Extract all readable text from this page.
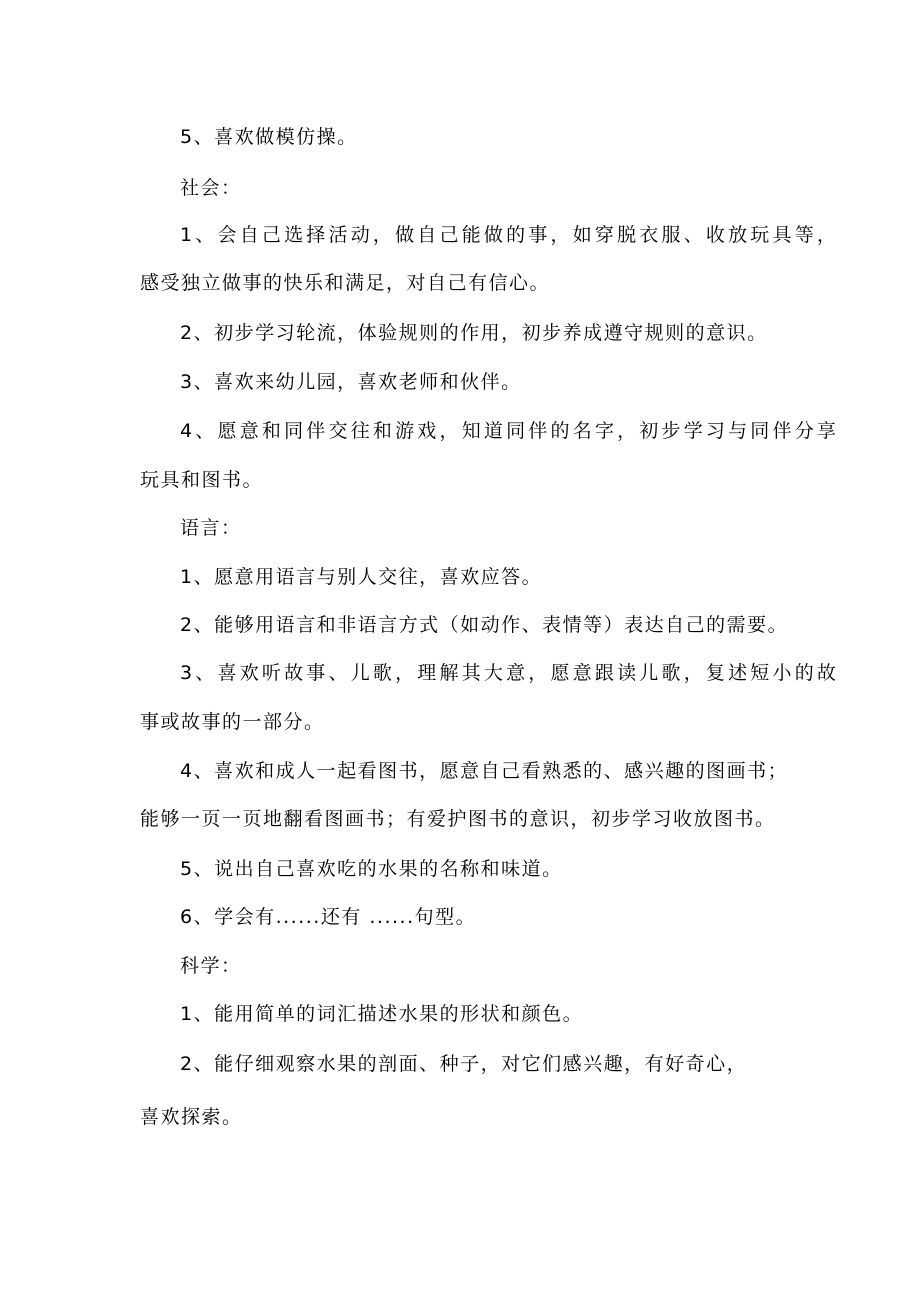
5、喜欢做模仿操。

社会：

1、会自己选择活动，做自己能做的事，如穿脱衣服、收放玩具等，

感受独立做事的快乐和满足，对自己有信心。

2、初步学习轮流，体验规则的作用，初步养成遵守规则的意识。

3、喜欢来幼儿园，喜欢老师和伙伴。

4、愿意和同伴交往和游戏，知道同伴的名字，初步学习与同伴分享

玩具和图书。

语言：

1、愿意用语言与别人交往，喜欢应答。

2、能够用语言和非语言方式（如动作、表情等）表达自己的需要。

3、喜欢听故事、儿歌，理解其大意，愿意跟读儿歌，复述短小的故

事或故事的一部分。

4、喜欢和成人一起看图书，愿意自己看熟悉的、感兴趣的图画书；

能够一页一页地翻看图画书；有爱护图书的意识，初步学习收放图书。

5、说出自己喜欢吃的水果的名称和味道。

6、学会有......还有 ......句型。

科学：

1、能用简单的词汇描述水果的形状和颜色。

2、能仔细观察水果的剖面、种子，对它们感兴趣，有好奇心，

喜欢探索。
